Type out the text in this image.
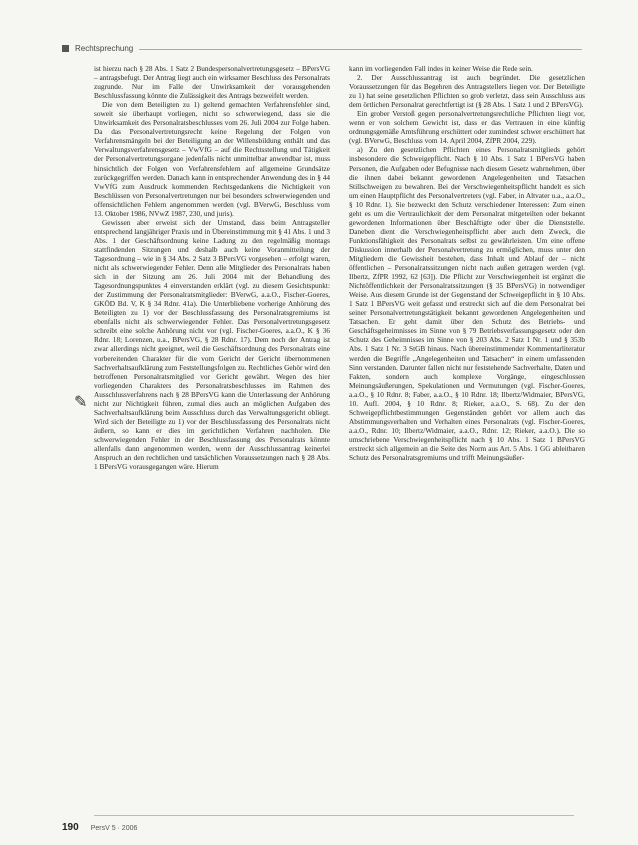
Rechtsprechung

ist hierzu nach § 28 Abs. 1 Satz 2 Bundespersonalvertretungsgesetz – BPersVG – antragsbefugt. Der Antrag liegt auch ein wirksamer Beschluss des Personalrats zugrunde. Nur im Falle der Unwirksamkeit der vorausgehenden Beschlussfassung könnte die Zulässigkeit des Antrags bezweifelt werden.

Die von dem Beteiligten zu 1) geltend gemachten Verfahrensfehler sind, soweit sie überhaupt vorliegen, nicht so schwerwiegend, dass sie die Unwirksamkeit des Personalratsbeschlusses vom 26. Juli 2004 zur Folge haben. Da das Personalvertretungsrecht keine Regelung der Folgen von Verfahrensmängeln bei der Beteiligung an der Willensbildung enthält und das Verwaltungsverfahrensgesetz – VwVfG – auf die Rechtsstellung und Tätigkeit der Personalvertretungsorgane jedenfalls nicht unmittelbar anwendbar ist, muss hinsichtlich der Folgen von Verfahrensfehlern auf allgemeine Grundsätze zurückgegriffen werden. Danach kann in entsprechender Anwendung des in § 44 VwVfG zum Ausdruck kommenden Rechtsgedankens die Nichtigkeit von Beschlüssen von Personalvertretungen nur bei besonders schwerwiegenden und offensichtlichen Fehlern angenommen werden (vgl. BVerwG, Beschluss vom 13. Oktober 1986, NVwZ 1987, 230, und juris).

Gewissen aber erweist sich der Umstand, dass beim Antragsteller entsprechend langjähriger Praxis und in Übereinstimmung mit § 41 Abs. 1 und 3 Abs. 1 der Geschäftsordnung keine Ladung zu den regelmäßig montags stattfindenden Sitzungen und deshalb auch keine Voranmitteilung der Tagesordnung – wie in § 34 Abs. 2 Satz 3 BPersVG vorgesehen – erfolgt waren, nicht als schwerwiegender Fehler. Denn alle Mitglieder des Personalrats haben sich in der Sitzung am 26. Juli 2004 mit der Behandlung des Tagesordnungspunktes 4 einverstanden erklärt (vgl. zu diesem Gesichtspunkt: der Zustimmung der Personalratsmitglieder: BVerwG, a.a.O., Fischer-Goeres, GKÖD Bd. V, K § 34 Rdnr. 41a). Die Unterbliebene vorherige Anhörung des Beteiligten zu 1) vor der Beschlussfassung des Personalratsgremiums ist ebenfalls nicht als schwerwiegender Fehler. Das Personalvertretungsgesetz schreibt eine solche Anhörung nicht vor (vgl. Fischer-Goeres, a.a.O., K § 36 Rdnr. 18; Lorenzen, u.a., BPersVG, § 28 Rdnr. 17). Dem noch der Antrag ist zwar allerdings nicht geeignet, weil die Geschäftsordnung des Personalrats eine vorbereitenden Charakter für die vom Gericht der Gericht übernommenen Sachverhaltsaufklärung zum Feststellungsfolgen zu. Rechtliches Gehör wird den betroffenen Personalratsmitglied vor Gericht gewährt. Wegen des hier vorliegenden Charakters des Personalratsbeschlusses im Rahmen des Ausschlussverfahrens nach § 28 BPersVG kann die Unterlassung der Anhörung nicht zur Nichtigkeit führen, zumal dies auch an möglichen Aufgaben des Sachverhaltsaufklärung beim Ausschluss durch das Verwaltungsgericht obliegt. Wird sich der Beteiligte zu 1) vor der Beschlussfassung des Personalrats nicht äußern, so kann er dies im gerichtlichen Verfahren nachholen. Die schwerwiegenden Fehler in der Beschlussfassung des Personalrats könnte allenfalls dann angenommen werden, wenn der Ausschlussantrag keinerlei Anspruch an den rechtlichen und tatsächlichen Voraussetzungen nach § 28 Abs. 1 BPersVG vorausgegangen wäre. Hierum

kann im vorliegenden Fall indes in keiner Weise die Rede sein.

2. Der Ausschlussantrag ist auch begründet. Die gesetzlichen Voraussetzungen für das Begehren des Antragstellers liegen vor. Der Beteiligte zu 1) hat seine gesetzlichen Pflichten so grob verletzt, dass sein Ausschluss aus dem örtlichen Personalrat gerechtfertigt ist (§ 28 Abs. 1 Satz 1 und 2 BPersVG).

Ein grober Verstoß gegen personalvertretungsrechtliche Pflichten liegt vor, wenn er von solchem Gewicht ist, dass er das Vertrauen in eine künftig ordnungsgemäße Amtsführung erschüttert oder zumindest schwer erschüttert hat (vgl. BVerwG, Beschluss vom 14. April 2004, ZfPR 2004, 229).

a) Zu den gesetzlichen Pflichten eines Personalratsmitglieds gehört insbesondere die Schweigepflicht. Nach § 10 Abs. 1 Satz 1 BPersVG haben Personen, die Aufgaben oder Befugnisse nach diesem Gesetz wahrnehmen, über die ihnen dabei bekannt gewordenen Angelegenheiten und Tatsachen Stillschweigen zu bewahren. Bei der Verschwiegenheitspflicht handelt es sich um einen Hauptpflicht des Personalvertreters (vgl. Faber, in Altvater u.a., a.a.O., § 10 Rdnr. 1). Sie bezweckt den Schutz verschiedener Interessen: Zum einen geht es um die Vertraulichkeit der dem Personalrat mitgeteilten oder bekannt gewordenen Informationen über Beschäftigte oder über die Dienststelle. Daneben dient die Verschwiegenheitspflicht aber auch dem Zweck, die Funktionsfähigkeit des Personalrats selbst zu gewährleisten. Um eine offene Diskussion innerhalb der Personalvertretung zu ermöglichen, muss unter den Mitgliedern die Gewissheit bestehen, dass Inhalt und Ablauf der – nicht öffentlichen – Personalratssitzungen nicht nach außen getragen werden (vgl. Ilbertz, ZfPR 1992, 62 [63]). Die Pflicht zur Verschwiegenheit ist ergänzt die Nichtöffentlichkeit der Personalratssitzungen (§ 35 BPersVG) in notwendiger Weise. Aus diesem Grunde ist der Gegenstand der Schweigepflicht in § 10 Abs. 1 Satz 1 BPersVG weit gefasst und erstreckt sich auf die dem Personalrat bei seiner Personalvertretungstätigkeit bekannt gewordenen Angelegenheiten und Tatsachen. Er geht damit über den Schutz des Betriebs- und Geschäftsgeheimnisses im Sinne von § 79 Betriebsverfassungsgesetz oder den Schutz des Geheimnisses im Sinne von § 203 Abs. 2 Satz 1 Nr. 1 und § 353b Abs. 1 Satz 1 Nr. 3 StGB hinaus. Nach übereinstimmender Kommentarliteratur werden die Begriffe „Angelegenheiten und Tatsachen“ in einem umfassenden Sinn verstanden. Darunter fallen nicht nur feststehende Sachverhalte, Daten und Fakten, sondern auch komplexe Vorgänge, eingeschlossen Meinungsäußerungen, Spekulationen und Vermutungen (vgl. Fischer-Goeres, a.a.O., § 10 Rdnr. 8; Faber, a.a.O., § 10 Rdnr. 18; Ilbertz/Widmaier, BPersVG, 10. Aufl. 2004, § 10 Rdnr. 8; Rieker, a.a.O., S. 68). Zu der den Schweigepflichtbestimmungen Gegenständen gehört vor allem auch das Abstimmungsverhalten und Verhalten eines Personalrats (vgl. Fischer-Goeres, a.a.O., Rdnr. 10; Ilbertz/Widmaier, a.a.O., Rdnr. 12; Rieker, a.a.O.). Die so umschriebene Verschwiegenheitspflicht nach § 10 Abs. 1 Satz 1 BPersVG erstreckt sich allgemein an die Seite des Norm aus Art. 5 Abs. 1 GG ableitbaren Schutz des Personalratsgremiums und trifft Meinungsäußer-

✎
190 PersV 5 · 2006
